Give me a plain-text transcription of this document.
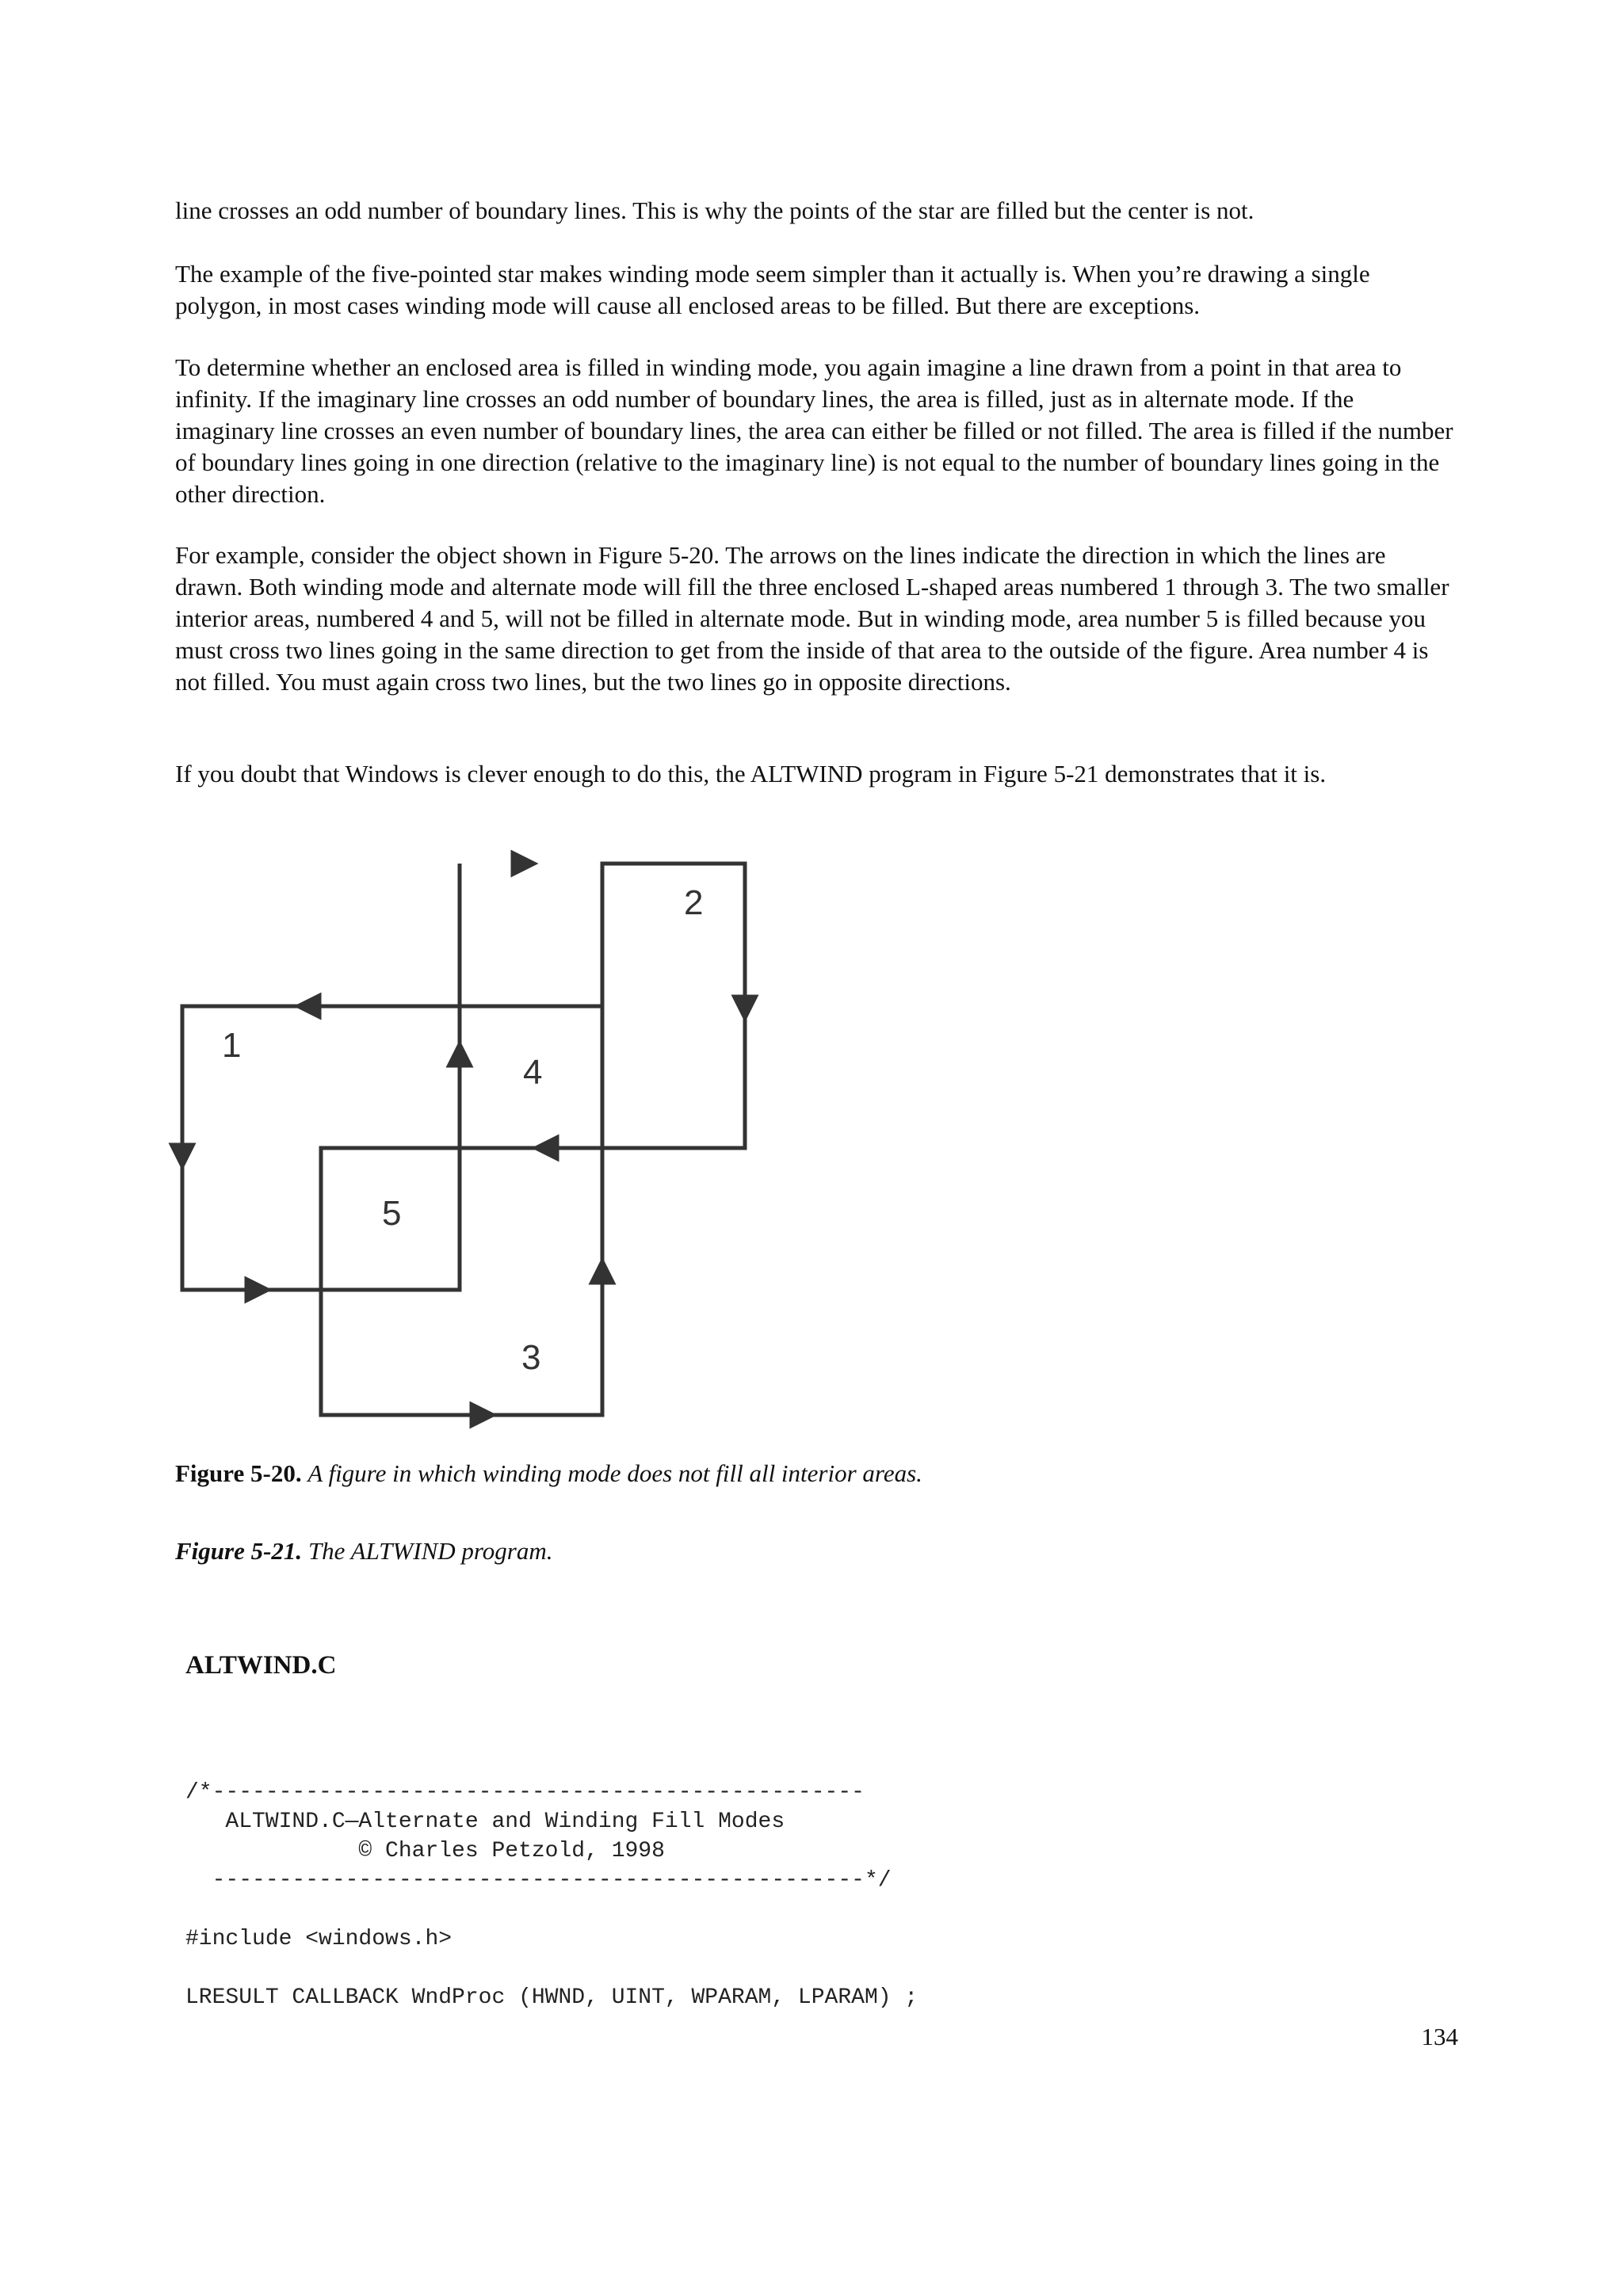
line crosses an odd number of boundary lines. This is why the points of the star are filled but the center is not.

The example of the five-pointed star makes winding mode seem simpler than it actually is. When you’re drawing a single polygon, in most cases winding mode will cause all enclosed areas to be filled. But there are exceptions.

To determine whether an enclosed area is filled in winding mode, you again imagine a line drawn from a point in that area to infinity. If the imaginary line crosses an odd number of boundary lines, the area is filled, just as in alternate mode. If the imaginary line crosses an even number of boundary lines, the area can either be filled or not filled. The area is filled if the number of boundary lines going in one direction (relative to the imaginary line) is not equal to the number of boundary lines going in the other direction.

For example, consider the object shown in Figure 5-20. The arrows on the lines indicate the direction in which the lines are drawn. Both winding mode and alternate mode will fill the three enclosed L-shaped areas numbered 1 through 3. The two smaller interior areas, numbered 4 and 5, will not be filled in alternate mode. But in winding mode, area number 5 is filled because you must cross two lines going in the same direction to get from the inside of that area to the outside of the figure. Area number 4 is not filled. You must again cross two lines, but the two lines go in opposite directions.

If you doubt that Windows is clever enough to do this, the ALTWIND program in Figure 5-21 demonstrates that it is.

1
2
3
4
5

Figure 5-20. A figure in which winding mode does not fill all interior areas.

Figure 5-21. The ALTWIND program.

ALTWIND.C

/*-------------------------------------------------
ALTWIND.C—Alternate and Winding Fill Modes
© Charles Petzold, 1998
-------------------------------------------------*/

#include <windows.h>

LRESULT CALLBACK WndProc (HWND, UINT, WPARAM, LPARAM) ;

134
